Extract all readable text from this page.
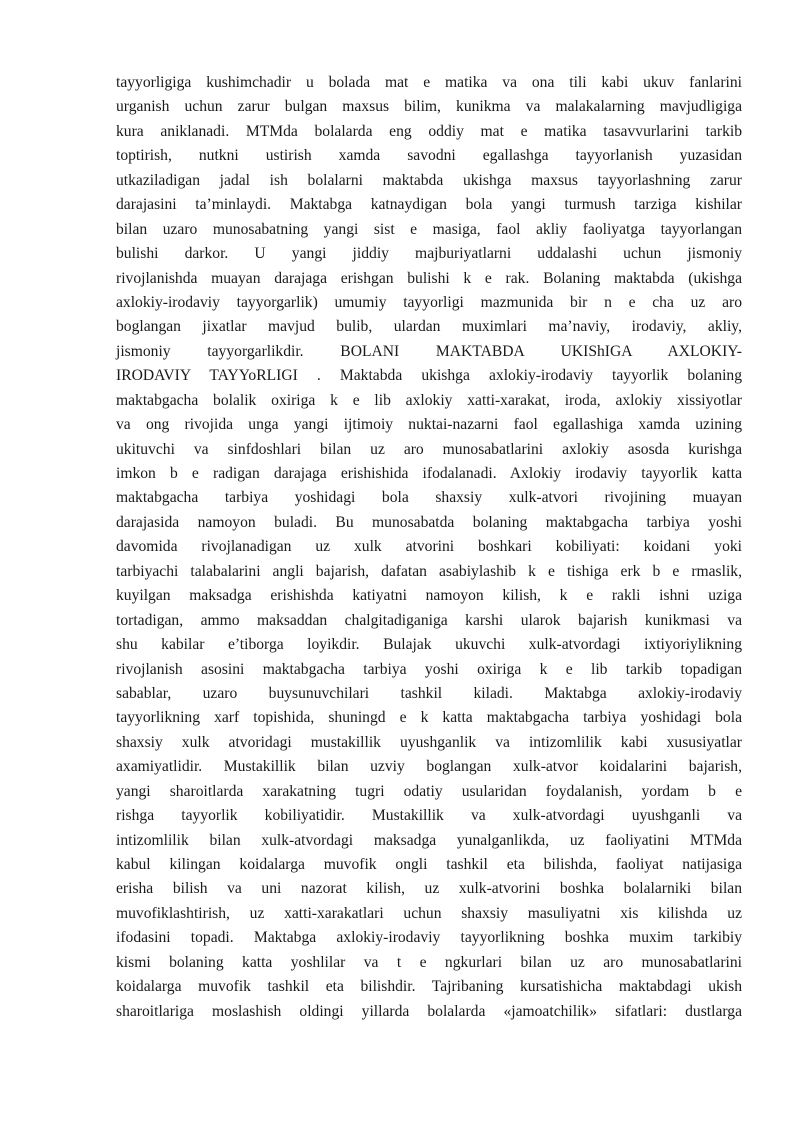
tayyorligiga kushimchadir u bolada mat e matika va ona tili kabi ukuv fanlarini
urganish uchun zarur bulgan maxsus bilim, kunikma va malakalarning mavjudligiga
kura aniklanadi. MTMda bolalarda eng oddiy mat e matika tasavvurlarini tarkib
toptirish, nutkni ustirish xamda savodni egallashga tayyorlanish yuzasidan
utkaziladigan jadal ish bolalarni maktabda ukishga maxsus tayyorlashning zarur
darajasini ta’minlaydi. Maktabga katnaydigan bola yangi turmush tarziga kishilar
bilan uzaro munosabatning yangi sist e masiga, faol akliy faoliyatga tayyorlangan
bulishi darkor. U yangi jiddiy majburiyatlarni uddalashi uchun jismoniy
rivojlanishda muayan darajaga erishgan bulishi k e rak. Bolaning maktabda (ukishga
axlokiy-irodaviy tayyorgarlik) umumiy tayyorligi mazmunida bir n e cha uz aro
boglangan jixatlar mavjud bulib, ulardan muximlari ma’naviy, irodaviy, akliy,
jismoniy tayyorgarlikdir. BOLANI MAKTABDA UKIShIGA AXLOKIY-
IRODAVIY TAYYoRLIGI . Maktabda ukishga axlokiy-irodaviy tayyorlik bolaning
maktabgacha bolalik oxiriga k e lib axlokiy xatti-xarakat, iroda, axlokiy xissiyotlar
va ong rivojida unga yangi ijtimoiy nuktai-nazarni faol egallashiga xamda uzining
ukituvchi va sinfdoshlari bilan uz aro munosabatlarini axlokiy asosda kurishga
imkon b e radigan darajaga erishishida ifodalanadi. Axlokiy irodaviy tayyorlik katta
maktabgacha tarbiya yoshidagi bola shaxsiy xulk-atvori rivojining muayan
darajasida namoyon buladi. Bu munosabatda bolaning maktabgacha tarbiya yoshi
davomida rivojlanadigan uz xulk atvorini boshkari kobiliyati: koidani yoki
tarbiyachi talabalarini angli bajarish, dafatan asabiylashib k e tishiga erk b e rmaslik,
kuyilgan maksadga erishishda katiyatni namoyon kilish, k e rakli ishni uziga
tortadigan, ammo maksaddan chalgitadiganiga karshi ularok bajarish kunikmasi va
shu kabilar e’tiborga loyikdir. Bulajak ukuvchi xulk-atvordagi ixtiyoriylikning
rivojlanish asosini maktabgacha tarbiya yoshi oxiriga k e lib tarkib topadigan
sabablar, uzaro buysunuvchilari tashkil kiladi. Maktabga axlokiy-irodaviy
tayyorlikning xarf topishida, shuningd e k katta maktabgacha tarbiya yoshidagi bola
shaxsiy xulk atvoridagi mustakillik uyushganlik va intizomlilik kabi xususiyatlar
axamiyatlidir. Mustakillik bilan uzviy boglangan xulk-atvor koidalarini bajarish,
yangi sharoitlarda xarakatning tugri odatiy usularidan foydalanish, yordam b e
rishga tayyorlik kobiliyatidir. Mustakillik va xulk-atvordagi uyushganli va
intizomlilik bilan xulk-atvordagi maksadga yunalganlikda, uz faoliyatini MTMda
kabul kilingan koidalarga muvofik ongli tashkil eta bilishda, faoliyat natijasiga
erisha bilish va uni nazorat kilish, uz xulk-atvorini boshka bolalarniki bilan
muvofiklashtirish, uz xatti-xarakatlari uchun shaxsiy masuliyatni xis kilishda uz
ifodasini topadi. Maktabga axlokiy-irodaviy tayyorlikning boshka muxim tarkibiy
kismi bolaning katta yoshlilar va t e ngkurlari bilan uz aro munosabatlarini
koidalarga muvofik tashkil eta bilishdir. Tajribaning kursatishicha maktabdagi ukish
sharoitlariga moslashish oldingi yillarda bolalarda «jamoatchilik» sifatlari: dustlarga
